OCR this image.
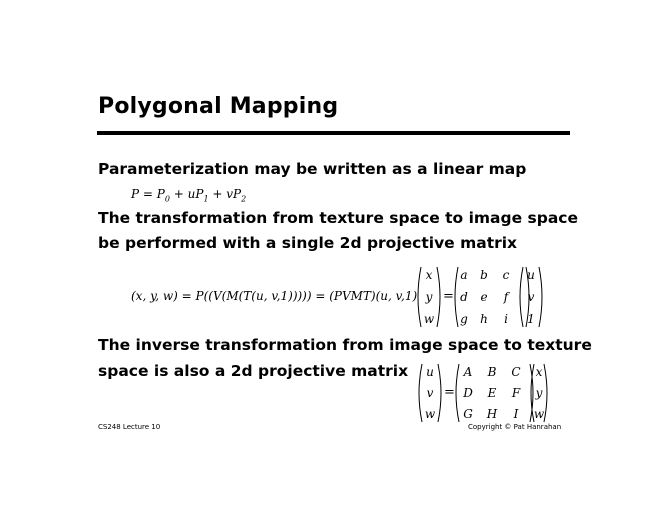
Polygonal Mapping
Parameterization may be written as a linear map
$P = P_0 + uP_1 + vP_2$
The transformation from texture space to image space
be performed with a single 2d projective matrix
(x, y, w) = P((V(M(T(u, v,1))))) = (PVMT)(u, v,1)
x
y
w
=
a	b	c
d	e	f
g	h	i
u
v
1
The inverse transformation from image space to texture
space is also a 2d projective matrix	u
v
w
=
A	B C
D	E	F
G H	I
x
y
w
CS248 Lecture 10	Copyright © Pat Hanrahan
